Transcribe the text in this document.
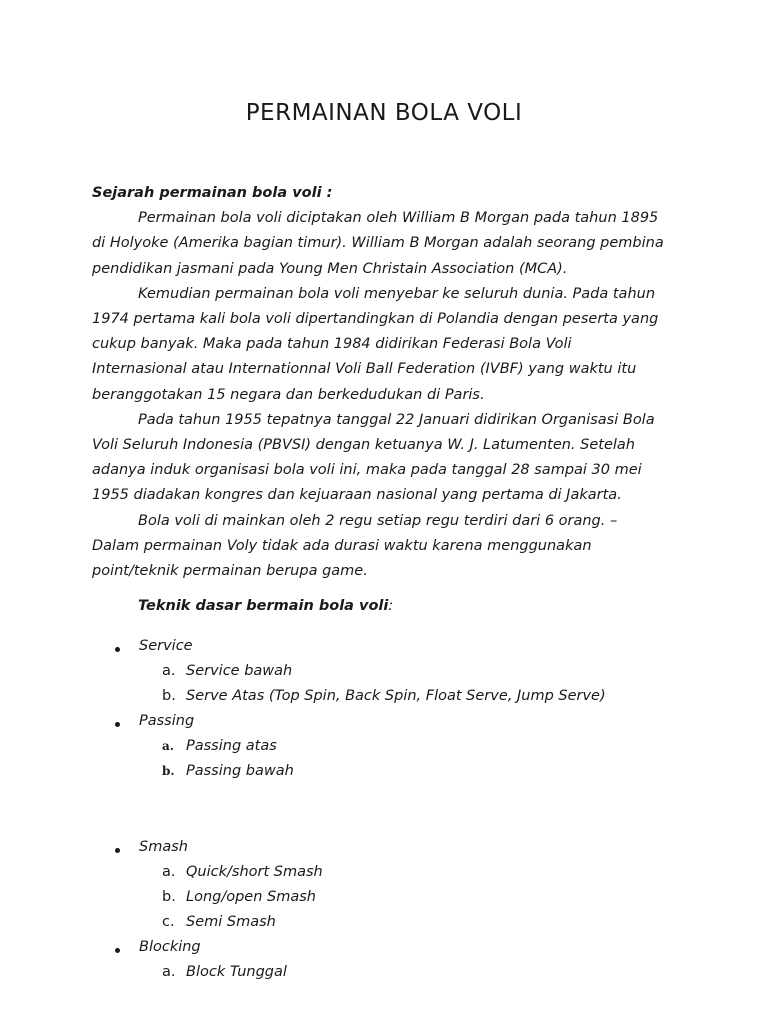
PERMAINAN BOLA VOLI

Sejarah permainan bola voli :

Permainan bola voli diciptakan oleh William B Morgan pada tahun 1895

di Holyoke (Amerika bagian timur). William B Morgan adalah seorang pembina

pendidikan jasmani pada Young Men Christain Association (MCA).

Kemudian permainan bola voli menyebar ke seluruh dunia. Pada tahun

1974 pertama kali bola voli dipertandingkan di Polandia dengan peserta yang

cukup banyak. Maka pada tahun 1984 didirikan Federasi Bola Voli

Internasional atau Internationnal Voli Ball Federation (IVBF) yang waktu itu

beranggotakan 15 negara dan berkedudukan di Paris.

Pada tahun 1955 tepatnya tanggal 22 Januari didirikan Organisasi Bola

Voli Seluruh Indonesia (PBVSI) dengan ketuanya W. J. Latumenten. Setelah

adanya induk organisasi bola voli ini, maka pada tanggal 28 sampai 30 mei

1955 diadakan kongres dan kejuaraan nasional yang pertama di Jakarta.

Bola voli di mainkan oleh 2 regu setiap regu terdiri dari 6 orang. –

Dalam permainan Voly tidak ada durasi waktu karena menggunakan

point/teknik permainan berupa game.

Teknik dasar bermain bola voli:
Service
a. Service bawah
b. Serve Atas (Top Spin, Back Spin, Float Serve, Jump Serve)
Passing
a. Passing atas
b. Passing bawah
Smash
a. Quick/short Smash
b. Long/open Smash
c. Semi Smash
Blocking
a. Block Tunggal
